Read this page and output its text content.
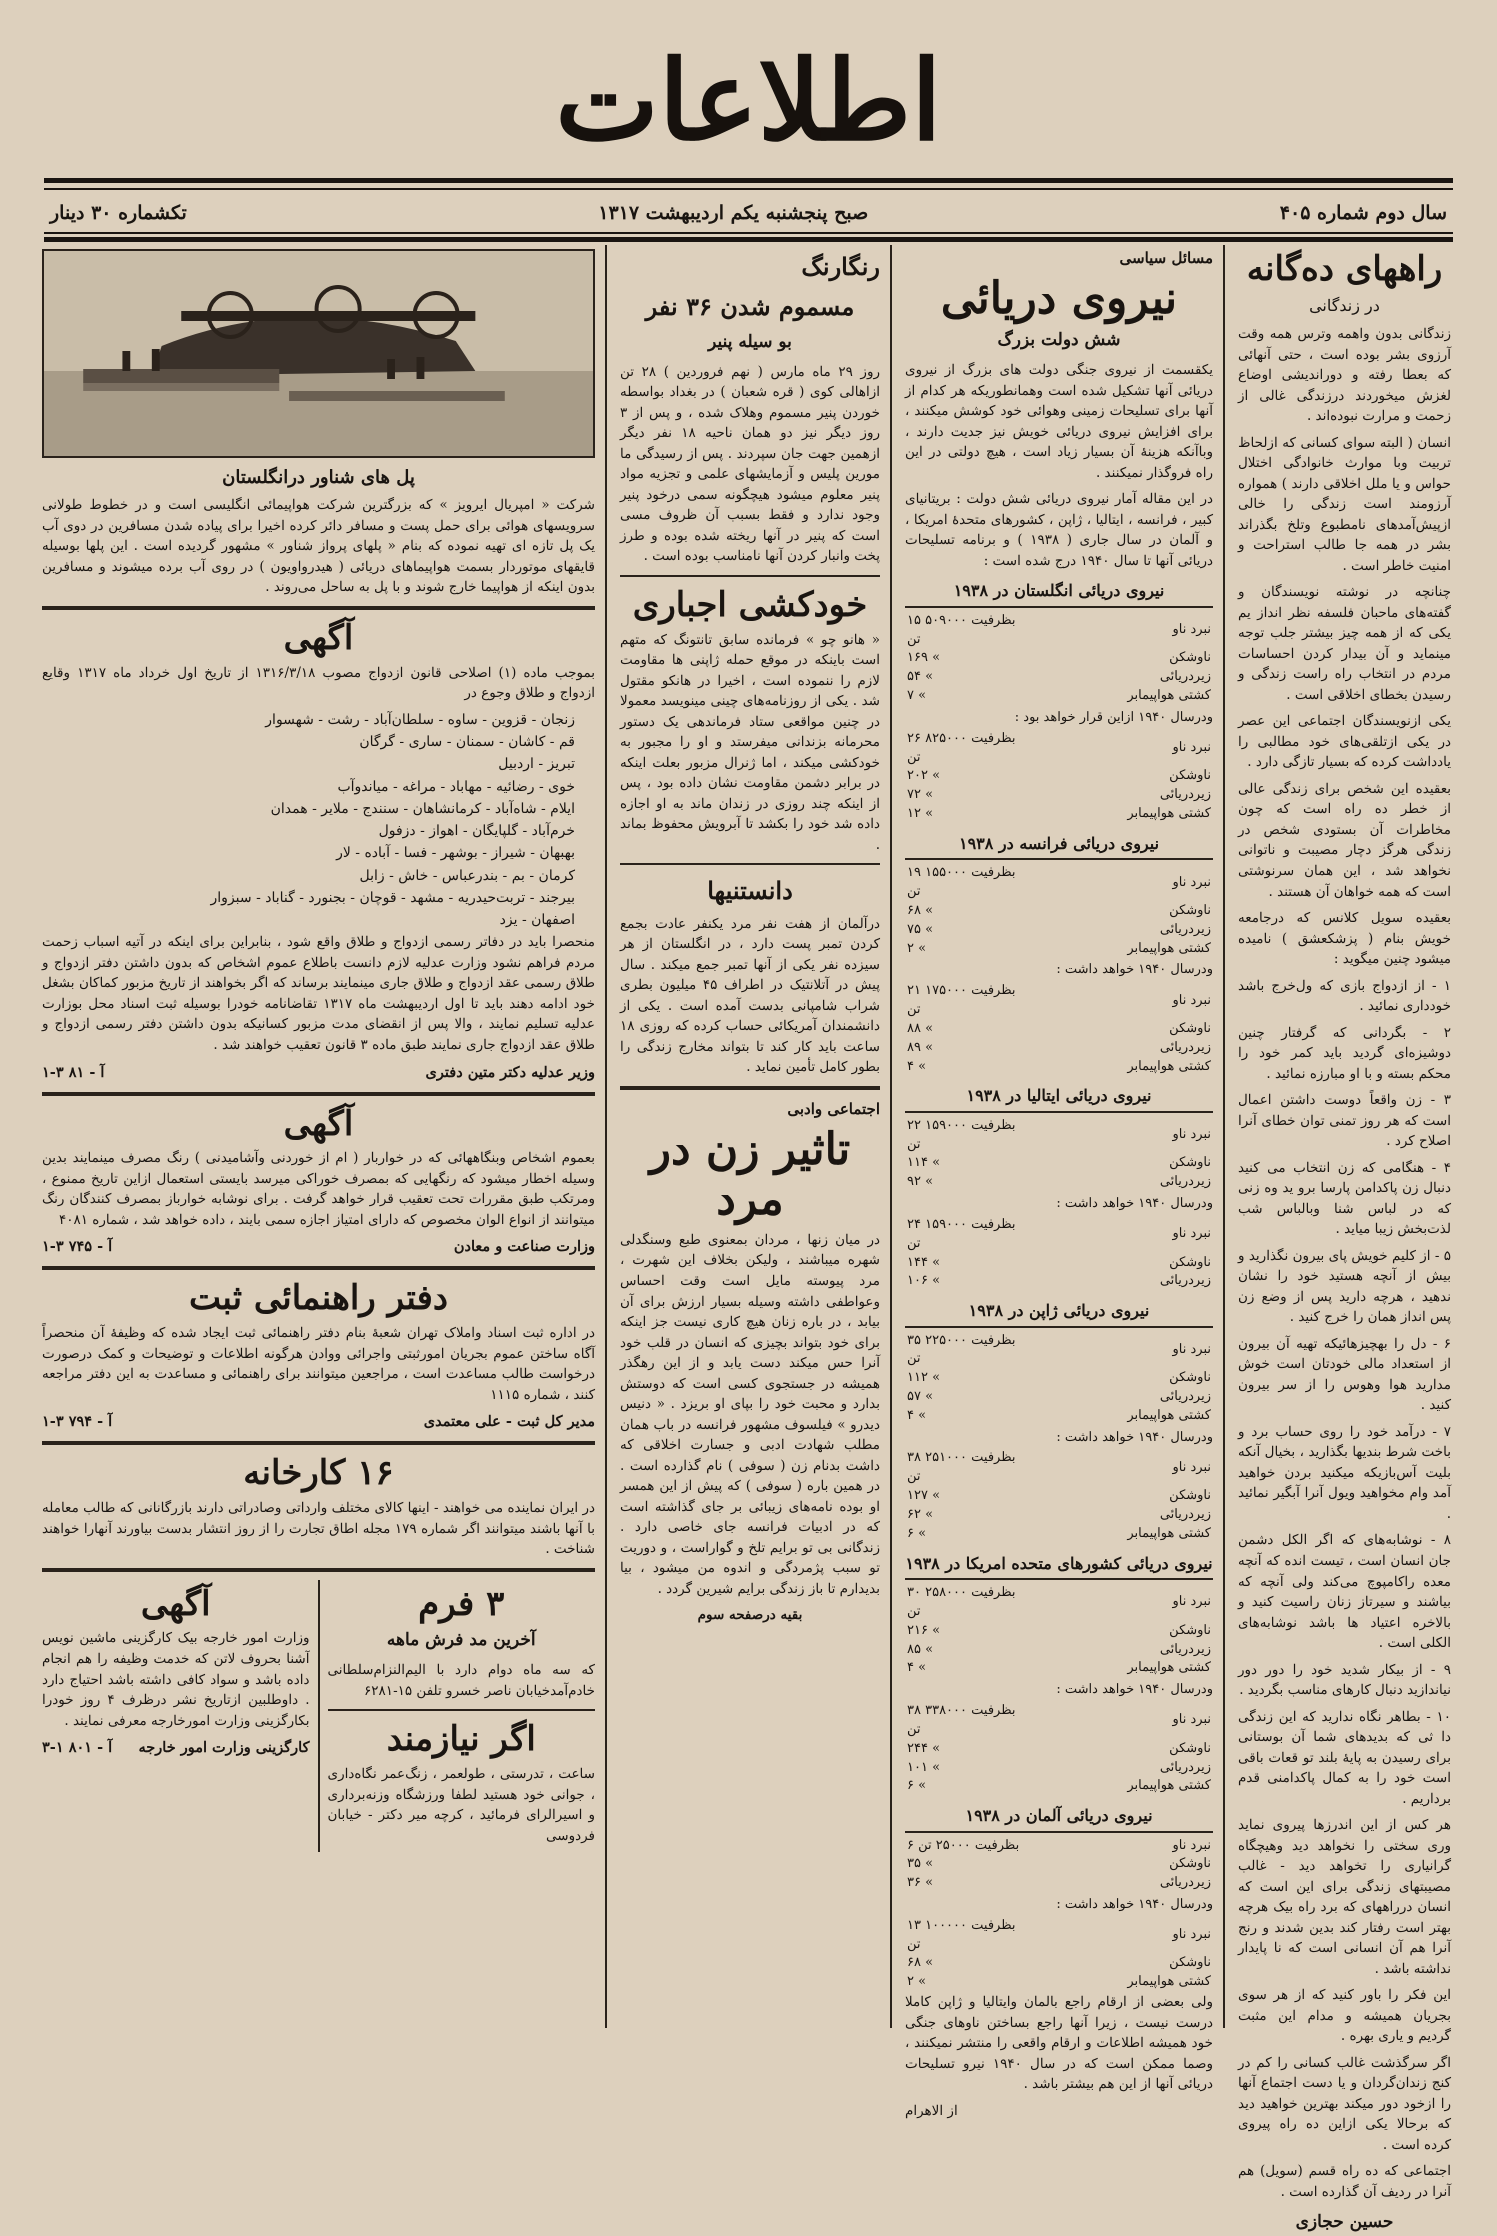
اطلاعات
سال دوم شماره ۴۰۵
صبح پنجشنبه یکم اردیبهشت ۱۳۱۷
تکشماره ۳۰ دینار
راههای ده‌گانه
در زندگانی

زندگانی بدون واهمه وترس همه وقت آرزوی بشر بوده است ، حتی آنهائی که بعطا رفته و دوراندیشی اوضاع لغزش میخوردند درزندگی غالی از زحمت و مرارت نبوده‌اند .

انسان ( البته سوای کسانی که ازلحاظ تربیت وبا موارث خانوادگی اختلال حواس و یا ملل اخلاقی دارند ) همواره آرزومند است زندگی را خالی ازپیش‌آمدهای نامطبوع وتلخ بگذراند بشر در همه جا طالب استراحت و امنیت خاطر است .

چنانچه در نوشته نویسندگان و گفته‌های ماحبان فلسفه نظر انداز یم یکی که از همه چیز بیشتر جلب توجه مینماید و آن بیدار کردن احساسات مردم در انتخاب راه راست زندگی و رسیدن بخطای اخلاقی است .

یکی ازنویسندگان اجتماعی این عصر در یکی ازتلقی‌های خود مطالبی را یادداشت کرده که بسیار تازگی دارد .

بعقیده این شخص برای زندگی عالی از خطر ده راه است که چون مخاطرات آن بستودی شخص در زندگی هرگز دچار مصیبت و ناتوانی نخواهد شد ، این همان سرنوشتی است که همه خواهان آن هستند .

بعقیده سویل کلانس که درجامعه خویش بنام ( پزشکعشق ) نامیده میشود چنین میگوید :

۱ - از ازدواج بازی که ول‌خرج باشد خودداری نمائید .

۲ - بگردانی که گرفتار چنین دوشیزه‌ای گردید باید کمر خود را محکم بسته و با او مبارزه نمائید .

۳ - زن واقعاً دوست داشتن اعمال است که هر روز تمنی توان خطای آنرا اصلاح کرد .

۴ - هنگامی که زن انتخاب می کنید دنبال زن پاکدامن پارسا برو ید وه زنی که در لباس شنا وبالباس شب لذت‌بخش زیبا میاید .

۵ - از کلیم خویش پای بیرون نگذارید و بیش از آنچه هستید خود را نشان ندهید ، هرچه دارید پس از وضع زن پس انداز همان را خرج کنید .

۶ - دل را بهچیزهائیکه تهیه آن بیرون از استعداد مالی خودتان است خوش مدارید هوا وهوس را از سر بیرون کنید .

۷ - درآمد خود را روی حساب برد و باخت شرط بندیها بگذارید ، بخیال آنکه بلیت آس‌بازیکه میکنید بردن خواهید آمد وام مخواهید ویول آنرا آبگیر نمائید .

۸ - نوشابه‌های که اگر الکل دشمن جان انسان است ، تیست انده که آنچه معده راکامپوچ می‌کند ولی آنچه که بیاشند و سیرتاز زنان راسیت کنید و بالاخره اعتیاد ها باشد نوشابه‌های الکلی است .

۹ - از بیکار شدید خود را دور دور نیاندازید دنبال کارهای مناسب بگردید .

۱۰ - بطاهر نگاه ندارید که این زندگی دا ثی که بدیدهای شما آن بوستانی برای رسیدن به پایهٔ بلند تو قعات باقی است خود را به کمال پاکدامنی قدم برداریم .

هر کس از این اندرزها پیروی نماید وری سختی را نخواهد دید وهیچگاه گرانیاری را تخواهد دید - غالب مصیبتهای زندگی برای این است که انسان درراههای که برد راه بیک هرچه بهتر است رفتار کند بدین شدند و رنج آنرا هم آن انسانی است که نا پایدار نداشته باشد .

این فکر را باور کنید که از هر سوی بجریان همیشه و مدام این مثبت گردیم و یاری بهره .

اگر سرگذشت غالب کسانی را کم در کنج زندان‌گردان و یا دست اجتماع آنها را ازخود دور میکند بهترین خواهید دید که برحالا یکی ازاین ده راه پیروی کرده است .

اجتماعی که ده راه قسم (سویل) هم آنرا در ردیف آن گذارده است .

حسین حجازی
مسائل سیاسی
نیروی دریائی
شش دولت بزرگ

یکقسمت از نیروی جنگی دولت های بزرگ از نیروی دریائی آنها تشکیل شده است وهمانطوریکه هر کدام از آنها برای تسلیحات زمینی وهوائی خود کوشش میکنند ، برای افزایش نیروی دریائی خویش نیز جدیت دارند ، وباآنکه هزینهٔ آن بسیار زیاد است ، هیچ دولتی در این راه فروگذار نمیکنند .

در این مقاله آمار نیروی دریائی شش دولت : بریتانیای کبیر ، فرانسه ، ایتالیا ، ژاپن ، کشورهای متحدهٔ امریکا ، و آلمان در سال جاری ( ۱۹۳۸ ) و برنامه تسلیحات دریائی آنها تا سال ۱۹۴۰ درج شده است :

نیروی دریائی انگلستان در ۱۹۳۸
نبرد ناو	۱۵ بظرفیت ۵۰۹۰۰۰ تن
ناوشکن	۱۶۹ «
زیردریائی	۵۴ «
کشتی هواپیمابر	۷ «
ودرسال ۱۹۴۰ ازاین قرار خواهد بود :
نبرد ناو	۲۶ بظرفیت ۸۲۵۰۰۰ تن
ناوشکن	۲۰۲ «
زیردریائی	۷۲ «
کشتی هواپیمابر	۱۲ «
نیروی دریائی فرانسه در ۱۹۳۸
نبرد ناو	۱۹ بظرفیت ۱۵۵۰۰۰ تن
ناوشکن	۶۸ «
زیردریائی	۷۵ «
کشتی هواپیمابر	۲ «
ودرسال ۱۹۴۰ خواهد داشت :
نبرد ناو	۲۱ بظرفیت ۱۷۵۰۰۰ تن
ناوشکن	۸۸ «
زیردریائی	۸۹ «
کشتی هواپیمابر	۴ «
نیروی دریائی ایتالیا در ۱۹۳۸
نبرد ناو	۲۲ بظرفیت ۱۵۹۰۰۰ تن
ناوشکن	۱۱۴ «
زیردریائی	۹۲ «
ودرسال ۱۹۴۰ خواهد داشت :
نبرد ناو	۲۴ بظرفیت ۱۵۹۰۰۰ تن
ناوشکن	۱۴۴ «
زیردریائی	۱۰۶ «
نیروی دریائی ژاپن در ۱۹۳۸
نبرد ناو	۳۵ بظرفیت ۲۲۵۰۰۰ تن
ناوشکن	۱۱۲ «
زیردریائی	۵۷ «
کشتی هواپیمابر	۴ «
ودرسال ۱۹۴۰ خواهد داشت :
نبرد ناو	۳۸ بظرفیت ۲۵۱۰۰۰ تن
ناوشکن	۱۲۷ «
زیردریائی	۶۲ «
کشتی هواپیمابر	۶ «
نیروی دریائی کشورهای متحده امریکا در ۱۹۳۸
نبرد ناو	۳۰ بظرفیت ۲۵۸۰۰۰ تن
ناوشکن	۲۱۶ «
زیردریائی	۸۵ «
کشتی هواپیمابر	۴ «
ودرسال ۱۹۴۰ خواهد داشت :
نبرد ناو	۳۸ بظرفیت ۳۳۸۰۰۰ تن
ناوشکن	۲۴۴ «
زیردریائی	۱۰۱ «
کشتی هواپیمابر	۶ «
نیروی دریائی آلمان در ۱۹۳۸
نبرد ناو	۶ بظرفیت ۲۵۰۰۰ تن
ناوشکن	۳۵ «
زیردریائی	۳۶ «
ودرسال ۱۹۴۰ خواهد داشت :
نبرد ناو	۱۳ بظرفیت ۱۰۰۰۰۰ تن
ناوشکن	۶۸ «
کشتی هواپیمابر	۲ «

ولی بعضی از ارقام راجع بالمان‌ وایتالیا و ژاپن کاملا درست نیست ، زیرا آنها راجع بساختن ناوهای جنگی خود همیشه اطلاعات و ارقام واقعی را منتشر نمیکنند ، وصما ممکن است که در سال ۱۹۴۰ نیرو تسلیحات دریائی آنها از این هم بیشتر باشد .

از الاهرام
رنگارنگ
مسموم شدن ۳۶ نفر
بو سیله پنیر

روز ۲۹ ماه مارس ( نهم فروردین ) ۲۸ تن ازاهالی کوی ( قره شعبان ) در بغداد بواسطه خوردن پنیر مسموم وهلاک شده ، و پس از ۳ روز دیگر نیز دو همان ناحیه ۱۸ نفر دیگر ازهمین جهت جان سپردند . پس از رسیدگی ما مورین پلیس و آزمایشهای علمی و تجزیه مواد پنیر معلوم میشود هیچگونه سمی درخود پنیر وجود ندارد و فقط بسبب آن ظروف مسی است که پنیر در آنها ریخته شده بوده و طرز پخت وانبار کردن آنها نامناسب بوده است .

خودکشی اجباری

« هانو چو » فرمانده سابق تانتونگ که متهم است باینکه در موقع حمله ژاپنی ها مقاومت لازم را ننموده است ، اخیرا در هانکو مقتول شد . یکی از روزنامه‌های چینی مینویسد معمولا در چنین مواقعی ستاد فرماندهی یک دستور محرمانه بزندانی میفرستد و او را مجبور به خودکشی میکند ، اما ژنرال مزبور بعلت اینکه در برابر دشمن مقاومت نشان داده بود ، پس از اینکه چند روزی در زندان ماند به او اجازه داده شد خود را بکشد تا آبرویش محفوظ بماند .

دانستنیها

درآلمان از هفت نفر مرد یکنفر عادت بجمع کردن تمبر پست دارد ، در انگلستان از هر سیزده نفر یکی از آنها تمبر جمع میکند . سال پیش در آتلانتیک در اطراف ۴۵ میلیون بطری شراب شامپانی بدست آمده است . یکی از دانشمندان آمریکائی حساب کرده که روزی ۱۸ ساعت باید کار کند تا بتواند مخارج زندگی را بطور کامل تأمین نماید .

اجتماعی وادبی
تاثیر زن در مرد

در میان زنها ، مردان بمعنوی طبع وسنگدلی شهره میباشند ، ولیکن بخلاف این شهرت ، مرد پیوسته مایل است وقت احساس وعواطفی داشته وسیله بسیار ارزش برای آن بیابد ، در باره زنان هیچ کاری نیست جز اینکه برای خود بتواند بچیزی که انسان در قلب خود آنرا حس میکند دست یابد و از این رهگذر همیشه در جستجوی کسی است که دوستش بدارد و محبت خود را بپای او بریزد . « دنیس دیدرو » فیلسوف مشهور فرانسه در باب همان مطلب شهادت ادبی و جسارت اخلاقی که داشت بدنام زن ( سوفی ) نام گذارده است . در همین باره ( سوفی ) که پیش از این همسر او بوده نامه‌های زیبائی بر جای گذاشته است که در ادبیات فرانسه جای خاصی دارد . زندگانی بی تو برایم تلخ و گواراست ، و دوریت تو سبب پژمردگی و اندوه من میشود ، بیا بدیدارم تا باز زندگی برایم شیرین گردد .

بقیه درصفحه سوم
پل های شناور درانگلستان

شرکت « امپریال ایرویز » که بزرگترین شرکت هواپیمائی انگلیسی است و در خطوط طولانی سرویسهای هوائی برای حمل پست و مسافر دائر کرده اخیرا برای پیاده شدن مسافرین در دوی آب یک پل تازه ای تهیه نموده که بنام « پلهای پرواز شناور » مشهور گردیده است . این پلها بوسیله قایقهای موتوردار بسمت هواپیماهای دریائی ( هیدرواویون ) در روی آب برده میشوند و مسافرین بدون اینکه از هواپیما خارج شوند و با پل به ساحل می‌روند .

آگهی

بموجب ماده (۱) اصلاحی قانون ازدواج مصوب ۱۳۱۶/۳/۱۸ از تاریخ اول خرداد ماه ۱۳۱۷ وقایع ازدواج و طلاق وجوع در

زنجان - قزوین - ساوه - سلطان‌آباد - رشت - شهسوار
قم - کاشان - سمنان - ساری - گرگان
تبریز - اردبیل
خوی - رضائیه - مهاباد - مراغه - میاندوآب
ایلام - شاه‌آباد - کرمانشاهان - سنندج - ملایر - همدان
خرم‌آباد - گلپایگان - اهواز - دزفول
بهبهان - شیراز - بوشهر - فسا - آباده - لار
کرمان - بم - بندرعباس - خاش - زابل
بیرجند - تربت‌حیدریه - مشهد - قوچان - بجنورد - گناباد - سبزوار
اصفهان - یزد

منحصرا باید در دفاتر رسمی ازدواج و طلاق واقع شود ، بنابراین برای اینکه در آتیه اسباب زحمت مردم فراهم نشود وزارت عدلیه لازم دانست باطلاع عموم اشخاص که بدون داشتن دفتر ازدواج و طلاق رسمی عقد ازدواج و طلاق جاری مینمایند برساند که اگر بخواهند از تاریخ مزبور کماکان بشغل خود ادامه دهند باید تا اول اردیبهشت ماه ۱۳۱۷ تقاضانامه خودرا بوسیله ثبت اسناد محل بوزارت عدلیه تسلیم نمایند ، والا پس از انقضای مدت مزبور کسانیکه بدون داشتن دفتر رسمی ازدواج و طلاق عقد ازدواج جاری نمایند طبق ماده ۳ قانون تعقیب خواهند شد .

وزیر عدلیه دکتر متین دفتری
آ - ۸۱ ۳-۱
آگهی

بعموم اشخاص وبنگاههائی که در خواربار ( ام از خوردنی وآشامیدنی ) رنگ مصرف مینمایند بدین وسیله اخطار میشود که رنگهایی که بمصرف خوراکی میرسد بایستی استعمال ازاین تاریخ ممنوع ، ومرتکب طبق مقررات تحت تعقیب قرار خواهد گرفت . برای نوشابه خوارباز بمصرف کنندگان رنگ میتوانند از انواع الوان مخصوص که دارای امتیاز اجازه سمی بایند ، داده خواهد شد ، شماره ۴۰۸۱

وزارت صناعت و معادن
آ - ۷۴۵ ۳-۱
دفتر راهنمائی ثبت

در اداره ثبت اسناد واملاک تهران شعبهٔ بنام دفتر راهنمائی ثبت ایجاد شده که وظیفهٔ آن منحصراً آگاه ساختن عموم بجریان امورثبتی واجرائی ووادن هرگونه اطلاعات و توضیحات و کمک درصورت درخواست طالب مساعدت است ، مراجعین میتوانند برای راهنمائی و مساعدت به این دفتر مراجعه کنند ، شماره ۱۱۱۵

مدیر کل ثبت - علی معتمدی
آ - ۷۹۴ ۳-۱
۱۶ کارخانه

در ایران نماینده می خواهند - اینها کالای مختلف وارداتی وصادراتی دارند بازرگانانی که طالب معامله با آنها باشند میتوانند اگر شماره ۱۷۹ مجله اطاق تجارت را از روز انتشار بدست بیاورند آنهارا خواهند شناخت .

۳ فرم
آخرین مد فرش ماهه

که سه ماه دوام دارد با الیم‌النزام‌سلطانی خادم‌آمدخیابان‌ ناصر خسرو تلفن ۱۵-۶۲۸۱

اگر نیازمند

ساعت ، تدرستی ، طولعمر ، زنگ‌عمر نگاه‌داری ، جوانی خود هستید لطفا ورزشگاه وزنه‌برداری و اسیرالرای فرمائید ، کرچه میر دکتر - خیابان فردوسی

آگهی

وزارت امور خارجه بیک کارگزینی ماشین نویس آشنا بحروف لاتن که خدمت وظیفه را هم انجام داده باشد و سواد کافی داشته باشد احتیاج دارد . داوطلبین ازتاریخ نشر درظرف ۴ روز خودرا بکارگزینی وزارت امورخارجه معرفی نمایند .

کارگزینی وزارت امور خارجه
آ - ۸۰۱ ۱-۳
